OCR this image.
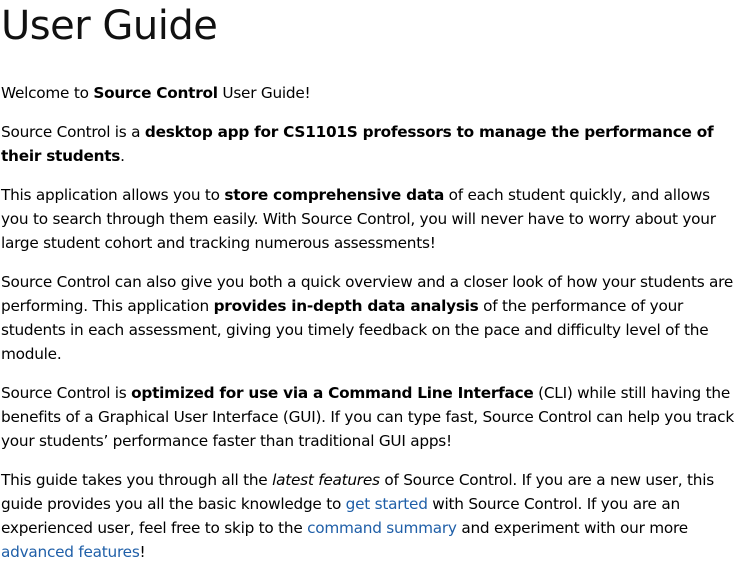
User Guide

Welcome to Source Control User Guide!

Source Control is a desktop app for CS1101S professors to manage the performance of their students.

This application allows you to store comprehensive data of each student quickly, and allows you to search through them easily. With Source Control, you will never have to worry about your large student cohort and tracking numerous assessments!

Source Control can also give you both a quick overview and a closer look of how your students are performing. This application provides in-depth data analysis of the performance of your students in each assessment, giving you timely feedback on the pace and difficulty level of the module.

Source Control is optimized for use via a Command Line Interface (CLI) while still having the benefits of a Graphical User Interface (GUI). If you can type fast, Source Control can help you track your students’ performance faster than traditional GUI apps!

This guide takes you through all the latest features of Source Control. If you are a new user, this guide provides you all the basic knowledge to get started with Source Control. If you are an experienced user, feel free to skip to the command summary and experiment with our more advanced features!
